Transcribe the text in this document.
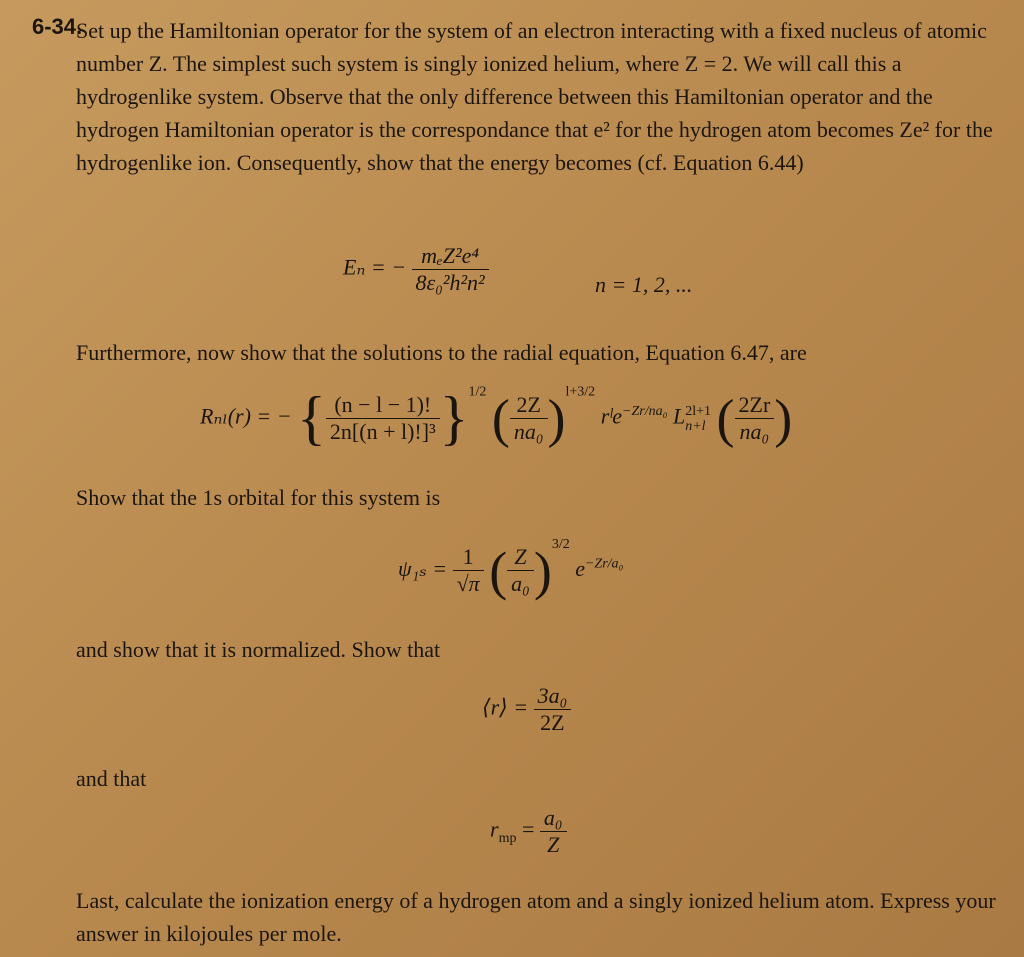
6-34.
Set up the Hamiltonian operator for the system of an electron interacting with a fixed nucleus of atomic number Z. The simplest such system is singly ionized helium, where Z = 2. We will call this a hydrogenlike system. Observe that the only difference between this Hamiltonian operator and the hydrogen Hamiltonian operator is the correspondance that e² for the hydrogen atom becomes Ze² for the hydrogenlike ion. Consequently, show that the energy becomes (cf. Equation 6.44)
Eₙ = − $\frac{\text{mₑZ²e⁴}}{\text{8ε₀²h²n²}}$	n = 1, 2, ...
Furthermore, now show that the solutions to the radial equation, Equation 6.47, are
Rₙₗ(r) = − { $\frac{(n - l - 1)!}{\text{2n[(n + l)!]³}} \}^{1/2}$ ( $\frac{2Z}{\text{na₀}} )^{l+3/2}$ rˡe$^{-Zr/na_0}$ L 2l+1
n+l ( $\frac{2Zr}{\text{na₀}}$ )
Show that the 1s orbital for this system is
$\psi_{1s} = \frac{1}{√\pi}$ ( $\frac{Z}{\text{a₀}} )^{3/2}$ $e^{-Zr/a_0}$
and show that it is normalized. Show that
⟨r⟩ = $\frac{\text{3a₀}}{2Z}$
and that
$r_{mp} = \frac{\text{a₀}}{Z}$
Last, calculate the ionization energy of a hydrogen atom and a singly ionized helium atom. Express your answer in kilojoules per mole.
